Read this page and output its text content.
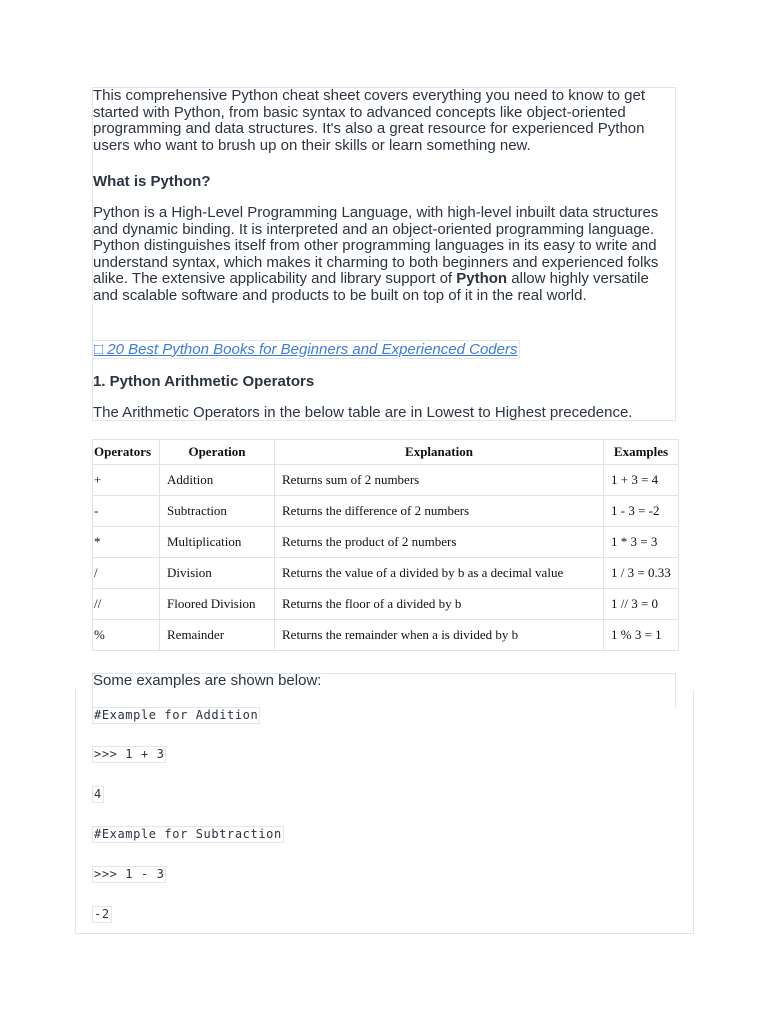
This comprehensive Python cheat sheet covers everything you need to know to get started with Python, from basic syntax to advanced concepts like object-oriented programming and data structures. It's also a great resource for experienced Python users who want to brush up on their skills or learn something new.

What is Python?

Python is a High-Level Programming Language, with high-level inbuilt data structures and dynamic binding. It is interpreted and an object-oriented programming language. Python distinguishes itself from other programming languages in its easy to write and understand syntax, which makes it charming to both beginners and experienced folks alike. The extensive applicability and library support of Python allow highly versatile and scalable software and products to be built on top of it in the real world.

□ 20 Best Python Books for Beginners and Experienced Coders
1. Python Arithmetic Operators

The Arithmetic Operators in the below table are in Lowest to Highest precedence.

Operators	Operation	Explanation	Examples
+	Addition	Returns sum of 2 numbers	1 + 3 = 4
-	Subtraction	Returns the difference of 2 numbers	1 - 3 = -2
*	Multiplication	Returns the product of 2 numbers	1 * 3 = 3
/	Division	Returns the value of a divided by b as a decimal value	1 / 3 = 0.33
//	Floored Division	Returns the floor of a divided by b	1 // 3 = 0
%	Remainder	Returns the remainder when a is divided by b	1 % 3 = 1

Some examples are shown below:

#Example for Addition
>>> 1 + 3
4
#Example for Subtraction
>>> 1 - 3
-2
